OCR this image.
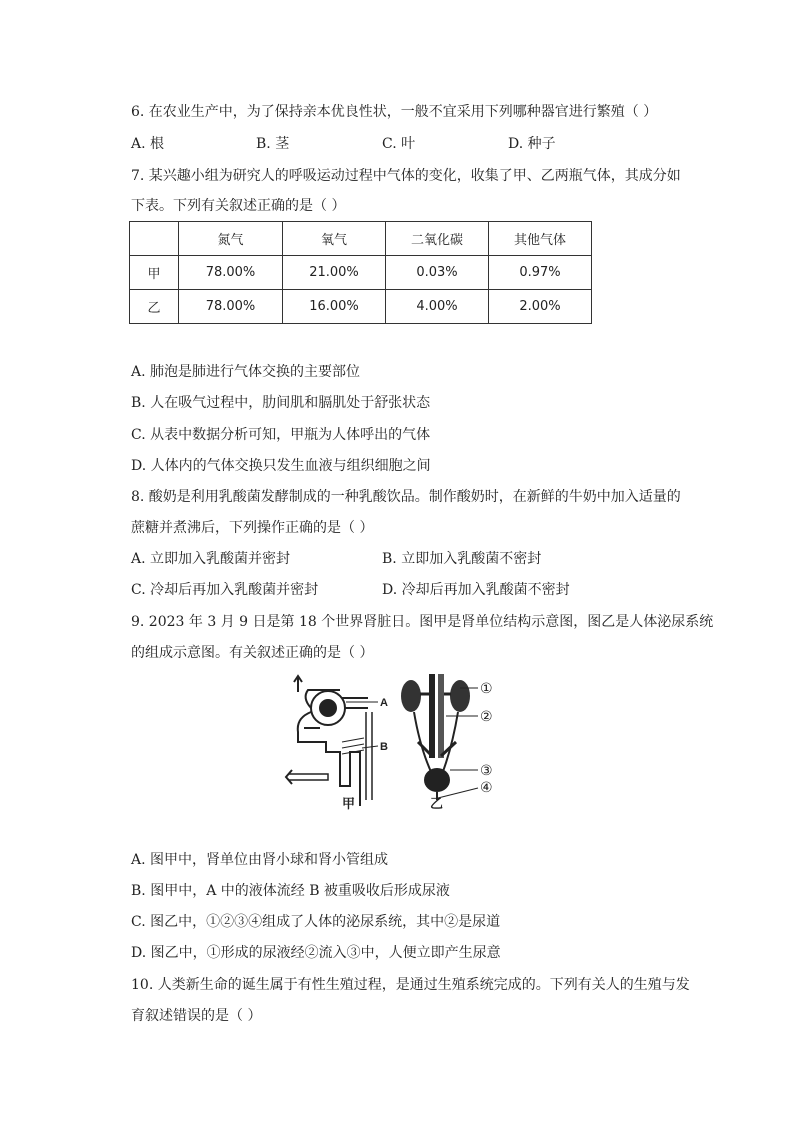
6. 在农业生产中，为了保持亲本优良性状，一般不宜采用下列哪种器官进行繁殖（ ）
A. 根	B. 茎	C. 叶	D. 种子
7. 某兴趣小组为研究人的呼吸运动过程中气体的变化，收集了甲、乙两瓶气体，其成分如
下表。下列有关叙述正确的是（ ）
	氮气	氧气	二氧化碳	其他气体
甲	78.00%	21.00%	0.03%	0.97%
乙	78.00%	16.00%	4.00%	2.00%
A. 肺泡是肺进行气体交换的主要部位
B. 人在吸气过程中，肋间肌和膈肌处于舒张状态
C. 从表中数据分析可知，甲瓶为人体呼出的气体
D. 人体内的气体交换只发生血液与组织细胞之间
8. 酸奶是利用乳酸菌发酵制成的一种乳酸饮品。制作酸奶时，在新鲜的牛奶中加入适量的
蔗糖并煮沸后，下列操作正确的是（ ）
A. 立即加入乳酸菌并密封	B. 立即加入乳酸菌不密封
C. 冷却后再加入乳酸菌并密封	D. 冷却后再加入乳酸菌不密封
9. 2023 年 3 月 9 日是第 18 个世界肾脏日。图甲是肾单位结构示意图，图乙是人体泌尿系统
的组成示意图。有关叙述正确的是（ ）
A
B
甲
①
②
③
④
乙
A. 图甲中，肾单位由肾小球和肾小管组成
B. 图甲中，A 中的液体流经 B 被重吸收后形成尿液
C. 图乙中，①②③④组成了人体的泌尿系统，其中②是尿道
D. 图乙中，①形成的尿液经②流入③中，人便立即产生尿意
10. 人类新生命的诞生属于有性生殖过程，是通过生殖系统完成的。下列有关人的生殖与发
育叙述错误的是（ ）
